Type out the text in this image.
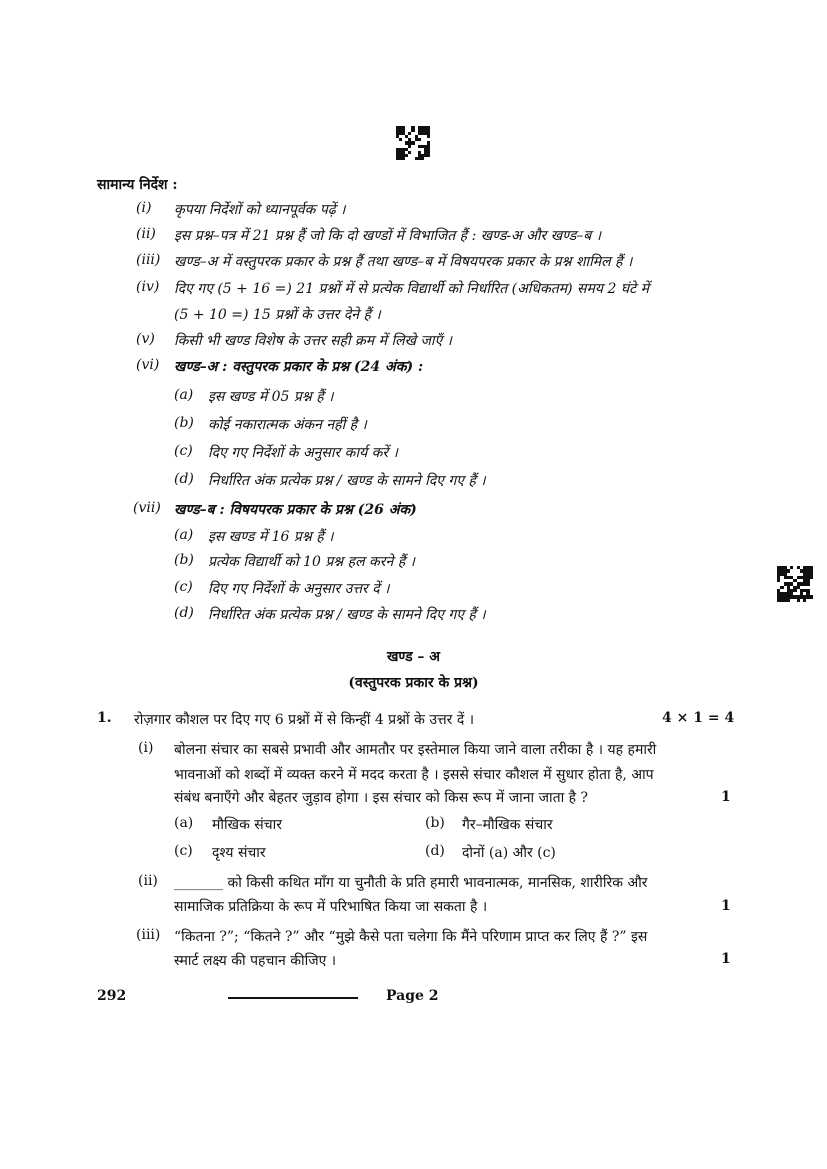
सामान्य निर्देश :
(i) कृपया निर्देशों को ध्यानपूर्वक पढ़ें ।
(ii) इस प्रश्न–पत्र में 21 प्रश्न हैं जो कि दो खण्डों में विभाजित हैं : खण्ड-अ और खण्ड–ब ।
(iii) खण्ड–अ में वस्तुपरक प्रकार के प्रश्न हैं तथा खण्ड–ब में विषयपरक प्रकार के प्रश्न शामिल हैं ।
(iv) दिए गए (5 + 16 =) 21 प्रश्नों में से प्रत्येक विद्यार्थी को निर्धारित (अधिकतम) समय 2 घंटे में
(5 + 10 =) 15 प्रश्नों के उत्तर देने हैं ।
(v) किसी भी खण्ड विशेष के उत्तर सही क्रम में लिखे जाएँ ।
(vi) खण्ड–अ : वस्तुपरक प्रकार के प्रश्न (24 अंक) :
(a) इस खण्ड में 05 प्रश्न हैं ।
(b) कोई नकारात्मक अंकन नहीं है ।
(c) दिए गए निर्देशों के अनुसार कार्य करें ।
(d) निर्धारित अंक प्रत्येक प्रश्न / खण्ड के सामने दिए गए हैं ।
(vii) खण्ड–ब : विषयपरक प्रकार के प्रश्न (26 अंक)
(a) इस खण्ड में 16 प्रश्न हैं ।
(b) प्रत्येक विद्यार्थी को 10 प्रश्न हल करने हैं ।
(c) दिए गए निर्देशों के अनुसार उत्तर दें ।
(d) निर्धारित अंक प्रत्येक प्रश्न / खण्ड के सामने दिए गए हैं ।
खण्ड – अ
(वस्तुपरक प्रकार के प्रश्न)
1. रोज़गार कौशल पर दिए गए 6 प्रश्नों में से किन्हीं 4 प्रश्नों के उत्तर दें ।	4 × 1 = 4
(i) बोलना संचार का सबसे प्रभावी और आमतौर पर इस्तेमाल किया जाने वाला तरीका है । यह हमारी
भावनाओं को शब्दों में व्यक्त करने में मदद करता है । इससे संचार कौशल में सुधार होता है, आप
संबंध बनाएँगे और बेहतर जुड़ाव होगा । इस संचार को किस रूप में जाना जाता है ?	1
(a) मौखिक संचार	(b) गैर–मौखिक संचार
(c) दृश्य संचार	(d) दोनों (a) और (c)
(ii) _______ को किसी कथित माँग या चुनौती के प्रति हमारी भावनात्मक, मानसिक, शारीरिक और
सामाजिक प्रतिक्रिया के रूप में परिभाषित किया जा सकता है ।	1
(iii) “कितना ?”; “कितने ?” और “मुझे कैसे पता चलेगा कि मैंने परिणाम प्राप्त कर लिए हैं ?” इस
स्मार्ट लक्ष्य की पहचान कीजिए ।	1
292	Page 2
